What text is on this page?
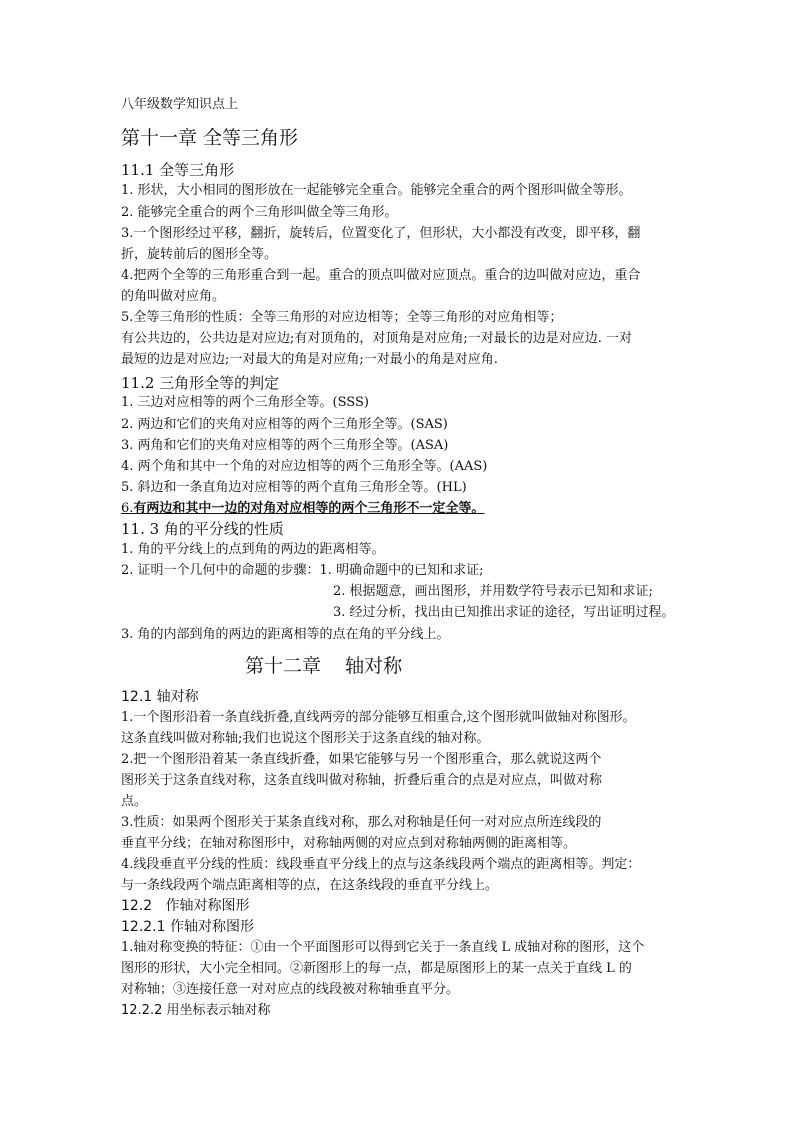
八年级数学知识点上
第十一章 全等三角形
11.1 全等三角形
1. 形状，大小相同的图形放在一起能够完全重合。能够完全重合的两个图形叫做全等形。
2. 能够完全重合的两个三角形叫做全等三角形。
3.一个图形经过平移，翻折，旋转后，位置变化了，但形状，大小都没有改变，即平移，翻
折，旋转前后的图形全等。
4.把两个全等的三角形重合到一起。重合的顶点叫做对应顶点。重合的边叫做对应边，重合
的角叫做对应角。
5.全等三角形的性质：全等三角形的对应边相等；全等三角形的对应角相等；
有公共边的，公共边是对应边;有对顶角的，对顶角是对应角;一对最长的边是对应边. 一对
最短的边是对应边;一对最大的角是对应角;一对最小的角是对应角.
11.2 三角形全等的判定
1. 三边对应相等的两个三角形全等。(SSS)
2. 两边和它们的夹角对应相等的两个三角形全等。(SAS)
3. 两角和它们的夹角对应相等的两个三角形全等。(ASA)
4. 两个角和其中一个角的对应边相等的两个三角形全等。(AAS)
5. 斜边和一条直角边对应相等的两个直角三角形全等。(HL)
6.有两边和其中一边的对角对应相等的两个三角形不一定全等。
11. 3 角的平分线的性质
1. 角的平分线上的点到角的两边的距离相等。
2. 证明一个几何中的命题的步骤：1. 明确命题中的已知和求证;
2. 根据题意，画出图形，并用数学符号表示已知和求证;
3. 经过分析，找出由已知推出求证的途径，写出证明过程。
3. 角的内部到角的两边的距离相等的点在角的平分线上。
第十二章    轴对称
12.1 轴对称
1.一个图形沿着一条直线折叠,直线两旁的部分能够互相重合,这个图形就叫做轴对称图形。
这条直线叫做对称轴;我们也说这个图形关于这条直线的轴对称。
2.把一个图形沿着某一条直线折叠，如果它能够与另一个图形重合，那么就说这两个
图形关于这条直线对称，这条直线叫做对称轴，折叠后重合的点是对应点，叫做对称
点。
3.性质：如果两个图形关于某条直线对称，那么对称轴是任何一对对应点所连线段的
垂直平分线；在轴对称图形中，对称轴两侧的对应点到对称轴两侧的距离相等。
4.线段垂直平分线的性质：线段垂直平分线上的点与这条线段两个端点的距离相等。判定：
与一条线段两个端点距离相等的点，在这条线段的垂直平分线上。
12.2   作轴对称图形
12.2.1 作轴对称图形
1.轴对称变换的特征：①由一个平面图形可以得到它关于一条直线 L 成轴对称的图形，这个
图形的形状，大小完全相同。②新图形上的每一点，都是原图形上的某一点关于直线 L 的
对称轴；③连接任意一对对应点的线段被对称轴垂直平分。
12.2.2 用坐标表示轴对称
